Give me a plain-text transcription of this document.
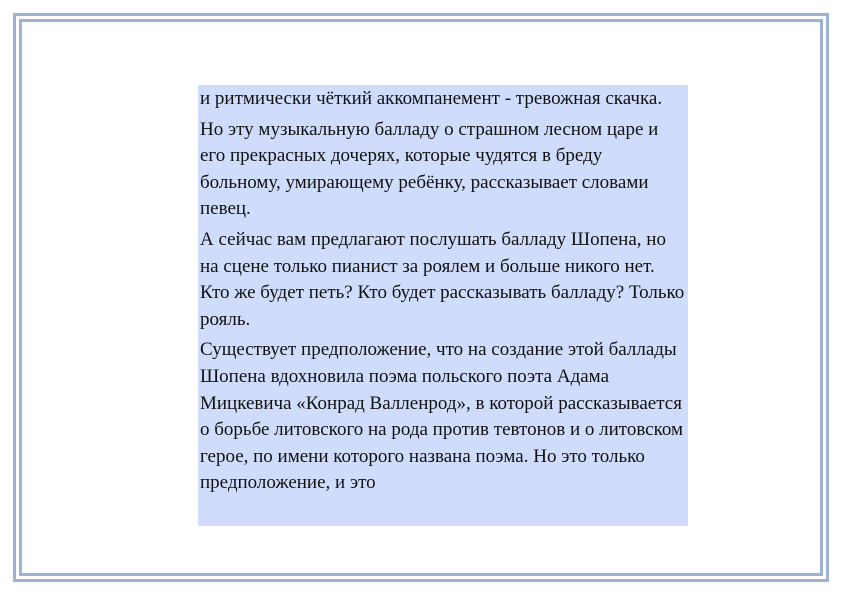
и ритмически чёткий аккомпанемент - тревожная скачка.

Но эту музыкальную балладу о страшном лесном царе и его прекрасных дочерях, которые чудятся в бреду больному, умирающему ребёнку, рассказывает словами певец.

А сейчас вам предлагают послушать балладу Шопена, но на сцене только пианист за роялем и больше никого нет. Кто же будет петь? Кто будет рассказывать балладу? Только рояль.

Существует предположение, что на создание этой баллады Шопена вдохновила поэма польского поэта Адама Мицкевича «Конрад Валленрод», в которой рассказывается о борьбе литовского на рода против тевтонов и о литовском герое, по имени которого названа поэма. Но это только предположение, и это
